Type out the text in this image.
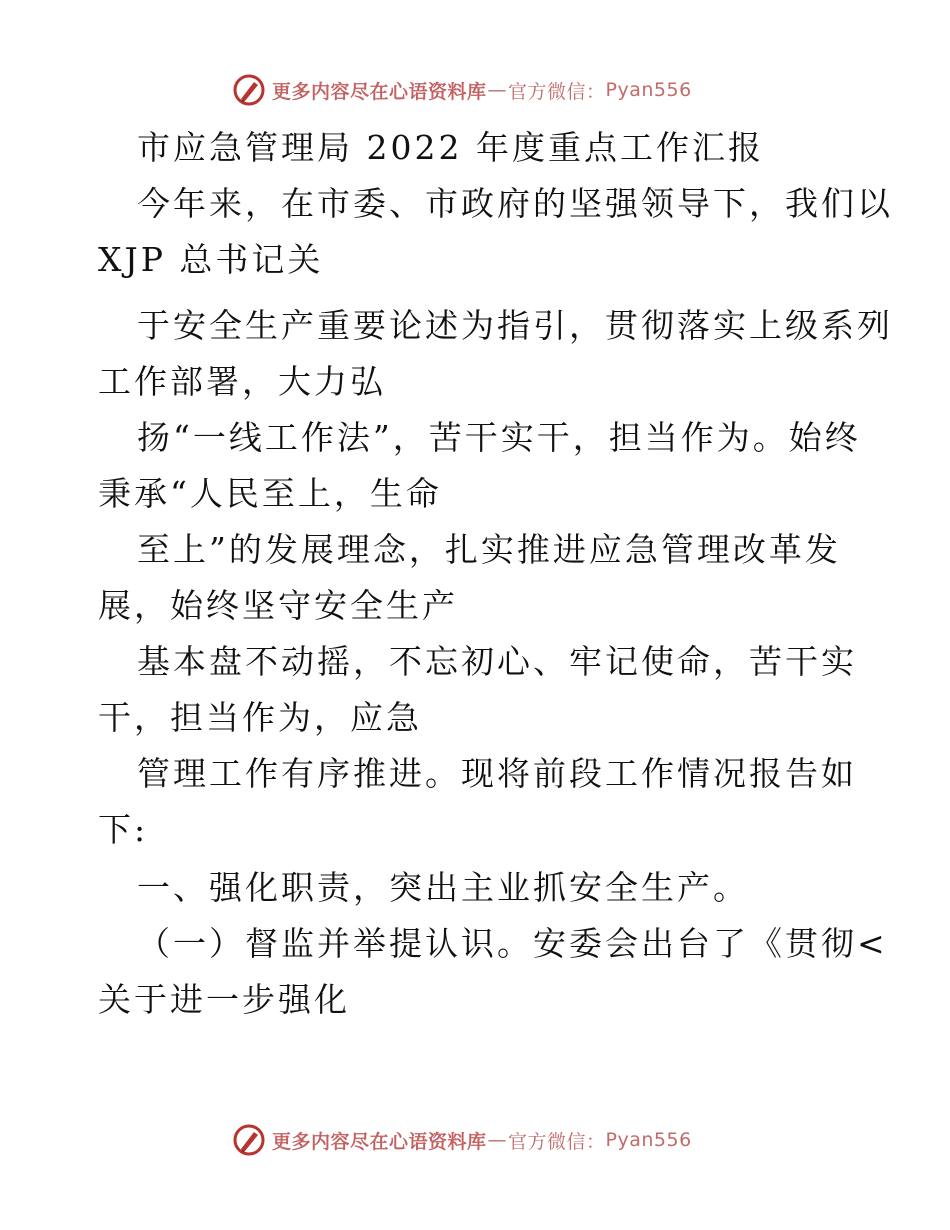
更多内容尽在心语资料库 — 官方微信： Pyan556
市应急管理局 2022 年度重点工作汇报
今年来，在市委、市政府的坚强领导下，我们以
XJP 总书记关
于安全生产重要论述为指引，贯彻落实上级系列
工作部署，大力弘
扬“一线工作法”，苦干实干，担当作为。始终
秉承“人民至上，生命
至上”的发展理念，扎实推进应急管理改革发
展，始终坚守安全生产
基本盘不动摇，不忘初心、牢记使命，苦干实
干，担当作为，应急
管理工作有序推进。现将前段工作情况报告如
下:
一、强化职责，突出主业抓安全生产。
（一）督监并举提认识。安委会出台了《贯彻<
关于进一步强化
更多内容尽在心语资料库 — 官方微信： Pyan556
